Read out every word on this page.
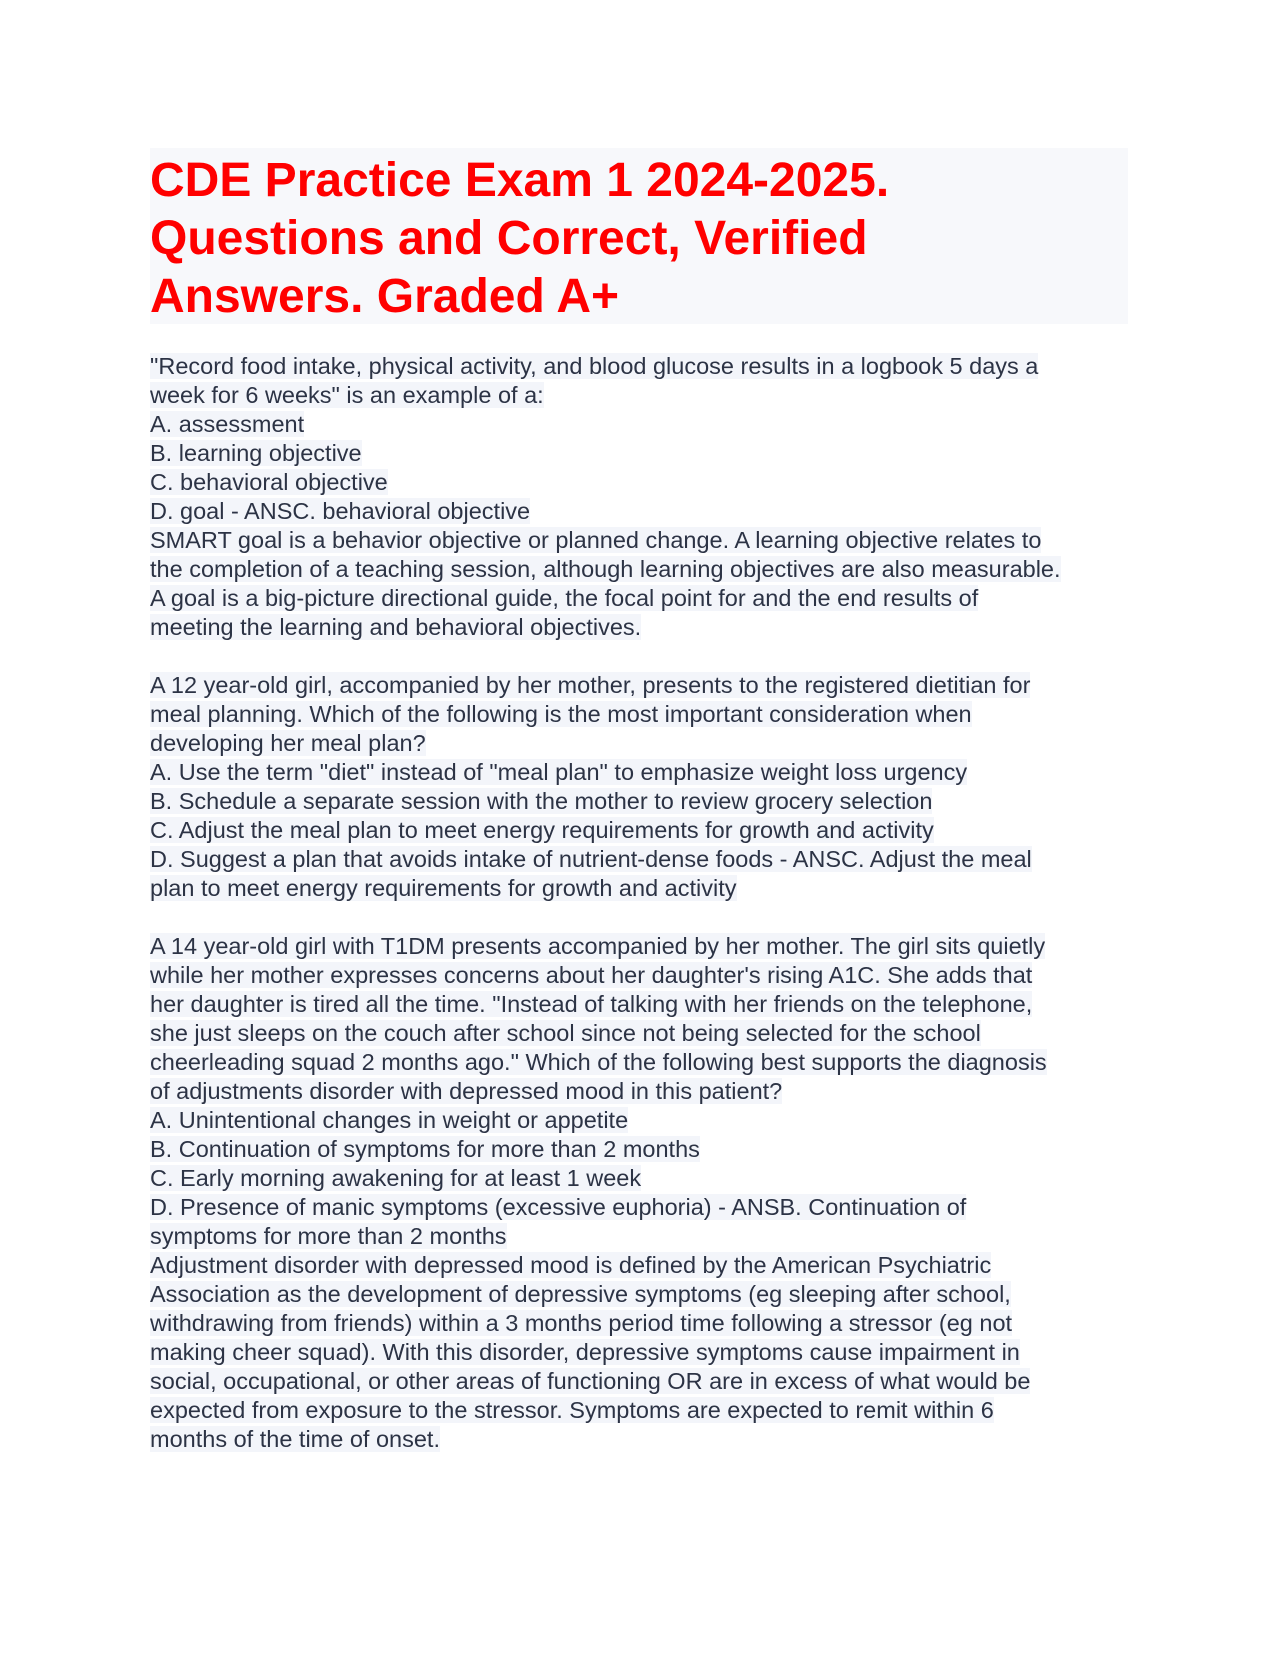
CDE Practice Exam 1 2024-2025.
Questions and Correct, Verified
Answers. Graded A+
"Record food intake, physical activity, and blood glucose results in a logbook 5 days a
week for 6 weeks" is an example of a:
A. assessment
B. learning objective
C. behavioral objective
D. goal - ANSC. behavioral objective
SMART goal is a behavior objective or planned change. A learning objective relates to
the completion of a teaching session, although learning objectives are also measurable.
A goal is a big-picture directional guide, the focal point for and the end results of
meeting the learning and behavioral objectives.
A 12 year-old girl, accompanied by her mother, presents to the registered dietitian for
meal planning. Which of the following is the most important consideration when
developing her meal plan?
A. Use the term "diet" instead of "meal plan" to emphasize weight loss urgency
B. Schedule a separate session with the mother to review grocery selection
C. Adjust the meal plan to meet energy requirements for growth and activity
D. Suggest a plan that avoids intake of nutrient-dense foods - ANSC. Adjust the meal
plan to meet energy requirements for growth and activity
A 14 year-old girl with T1DM presents accompanied by her mother. The girl sits quietly
while her mother expresses concerns about her daughter's rising A1C. She adds that
her daughter is tired all the time. "Instead of talking with her friends on the telephone,
she just sleeps on the couch after school since not being selected for the school
cheerleading squad 2 months ago." Which of the following best supports the diagnosis
of adjustments disorder with depressed mood in this patient?
A. Unintentional changes in weight or appetite
B. Continuation of symptoms for more than 2 months
C. Early morning awakening for at least 1 week
D. Presence of manic symptoms (excessive euphoria) - ANSB. Continuation of
symptoms for more than 2 months
Adjustment disorder with depressed mood is defined by the American Psychiatric
Association as the development of depressive symptoms (eg sleeping after school,
withdrawing from friends) within a 3 months period time following a stressor (eg not
making cheer squad). With this disorder, depressive symptoms cause impairment in
social, occupational, or other areas of functioning OR are in excess of what would be
expected from exposure to the stressor. Symptoms are expected to remit within 6
months of the time of onset.
